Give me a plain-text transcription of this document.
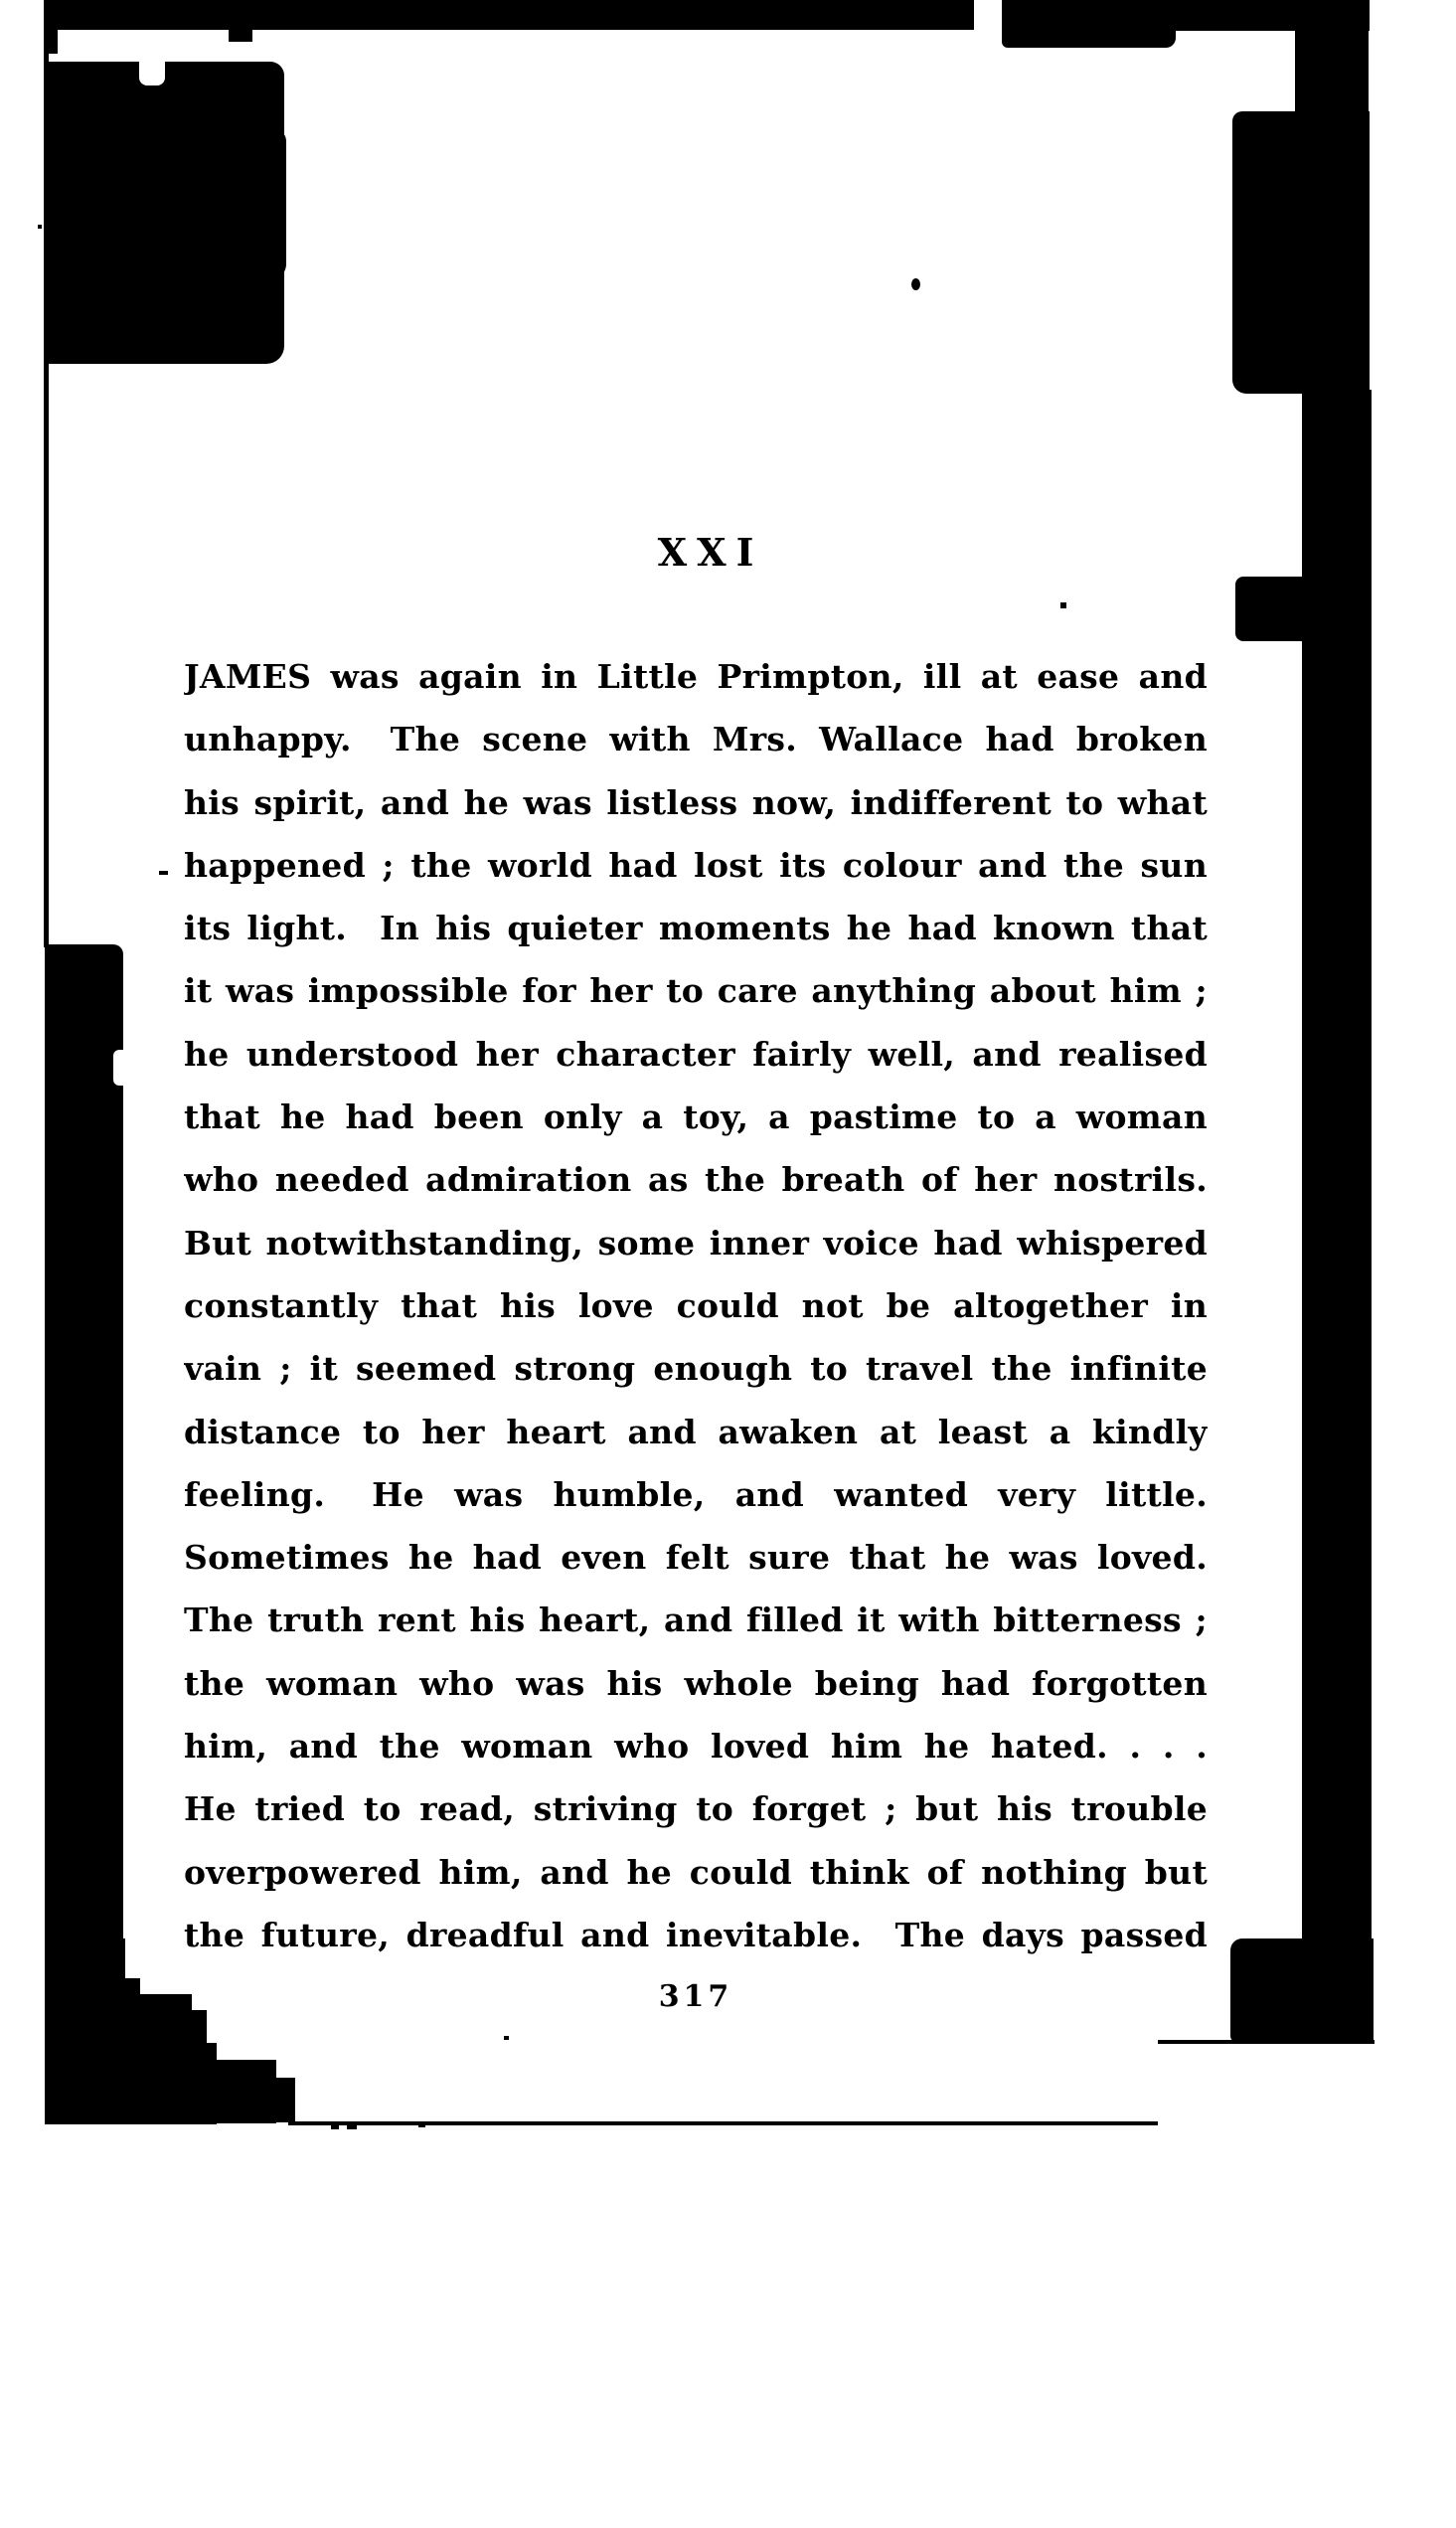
XXI
JAMES was again in Little Primpton, ill at ease and
unhappy.  The scene with Mrs. Wallace had broken
his spirit, and he was listless now, indifferent to what
happened ; the world had lost its colour and the sun
its light.  In his quieter moments he had known that
it was impossible for her to care anything about him ;
he understood her character fairly well, and realised
that he had been only a toy, a pastime to a woman
who needed admiration as the breath of her nostrils.
But notwithstanding, some inner voice had whispered
constantly that his love could not be altogether in
vain ; it seemed strong enough to travel the infinite
distance to her heart and awaken at least a kindly
feeling.  He was humble, and wanted very little.
Sometimes he had even felt sure that he was loved.
The truth rent his heart, and filled it with bitterness ;
the woman who was his whole being had forgotten
him, and the woman who loved him he hated. . . .
He tried to read, striving to forget ; but his trouble
overpowered him, and he could think of nothing but
the future, dreadful and inevitable.  The days passed
317
